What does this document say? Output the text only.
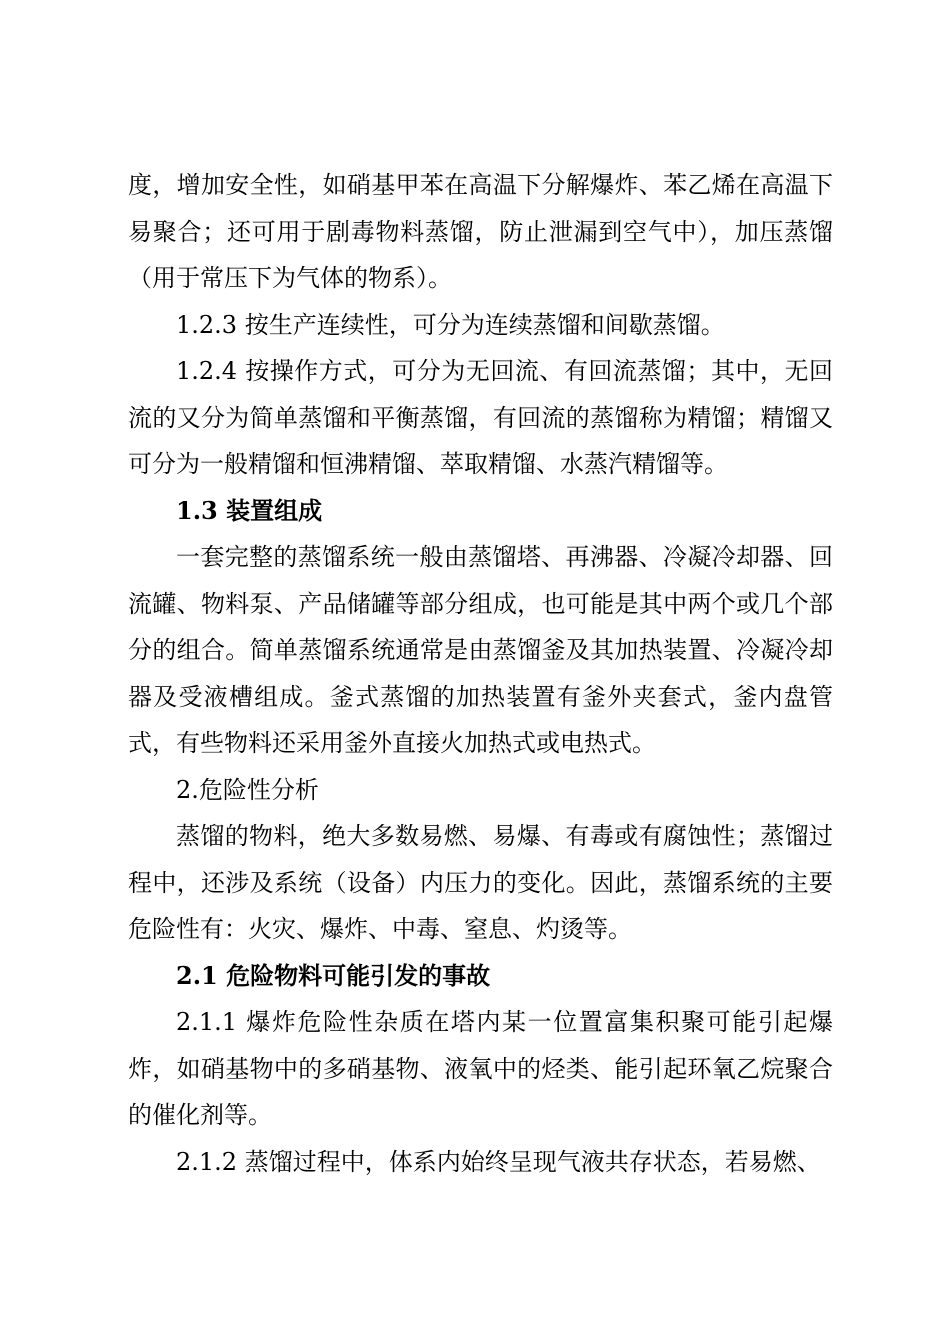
度，增加安全性，如硝基甲苯在高温下分解爆炸、苯乙烯在高温下易聚合；还可用于剧毒物料蒸馏，防止泄漏到空气中），加压蒸馏（用于常压下为气体的物系）。

1.2.3 按生产连续性，可分为连续蒸馏和间歇蒸馏。

1.2.4 按操作方式，可分为无回流、有回流蒸馏；其中，无回流的又分为简单蒸馏和平衡蒸馏，有回流的蒸馏称为精馏；精馏又可分为一般精馏和恒沸精馏、萃取精馏、水蒸汽精馏等。

1.3 装置组成

一套完整的蒸馏系统一般由蒸馏塔、再沸器、冷凝冷却器、回流罐、物料泵、产品储罐等部分组成，也可能是其中两个或几个部分的组合。简单蒸馏系统通常是由蒸馏釜及其加热装置、冷凝冷却器及受液槽组成。釜式蒸馏的加热装置有釜外夹套式，釜内盘管式，有些物料还采用釜外直接火加热式或电热式。

2.危险性分析

蒸馏的物料，绝大多数易燃、易爆、有毒或有腐蚀性；蒸馏过程中，还涉及系统（设备）内压力的变化。因此，蒸馏系统的主要危险性有：火灾、爆炸、中毒、窒息、灼烫等。

2.1 危险物料可能引发的事故

2.1.1 爆炸危险性杂质在塔内某一位置富集积聚可能引起爆炸，如硝基物中的多硝基物、液氧中的烃类、能引起环氧乙烷聚合的催化剂等。

2.1.2 蒸馏过程中，体系内始终呈现气液共存状态，若易燃、
